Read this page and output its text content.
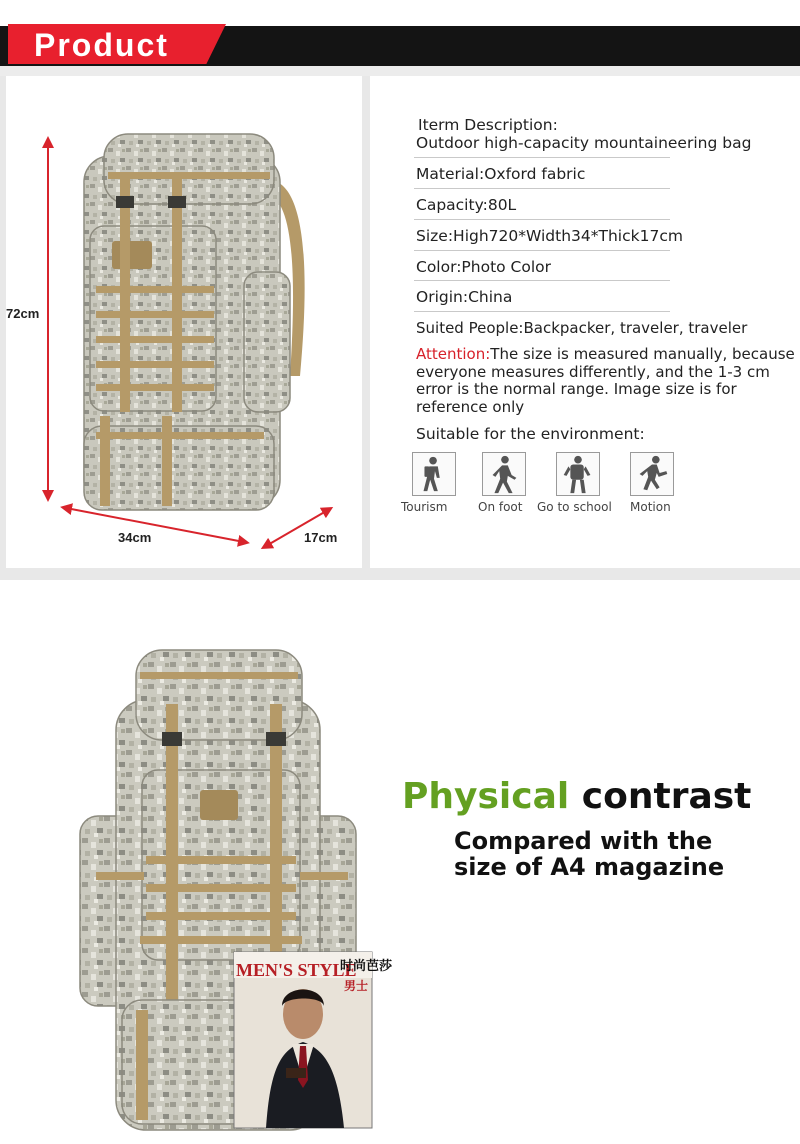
Product
72cm
34cm	17cm
Iterm Description:
Outdoor high-capacity mountaineering bag
Material:Oxford fabric
Capacity:80L
Size:High720*Width34*Thick17cm
Color:Photo Color
Origin:China
Suited People:Backpacker, traveler, traveler
Attention:The size is measured manually, because everyone measures differently, and the 1-3 cm error is the normal range. Image size is for reference only
Suitable for the environment:
Tourism	On foot Go to school Motion
MEN'S STYLE
时尚芭莎
男士
Physical contrast
Compared with the
size of A4 magazine
